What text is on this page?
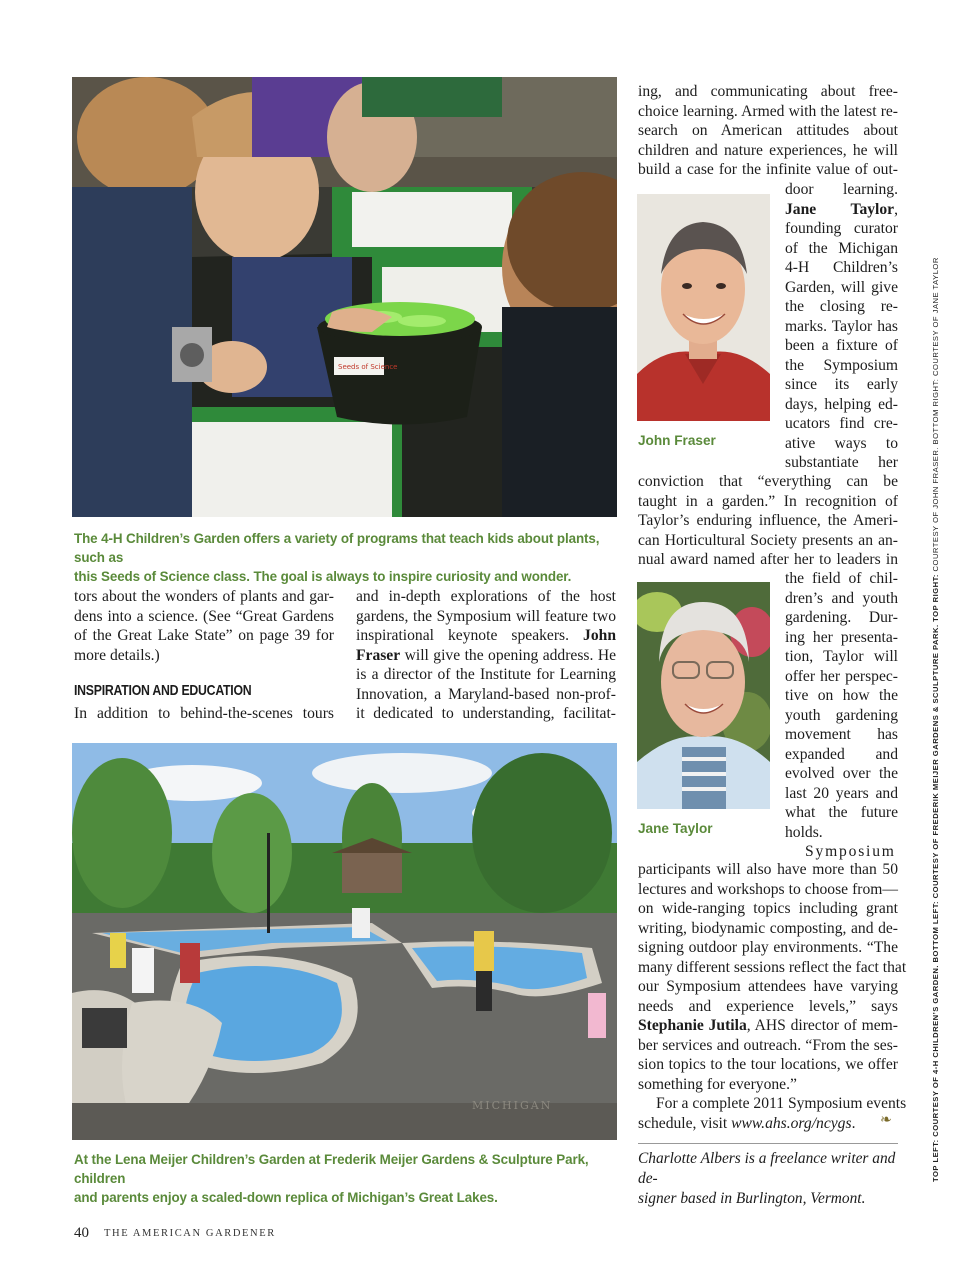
Seeds of Science
The 4-H Children’s Garden offers a variety of programs that teach kids about plants, such as
this Seeds of Science class. The goal is always to inspire curiosity and wonder.
tors about the wonders of plants and gar-
dens into a science. (See “Great Gardens
of the Great Lake State” on page 39 for
more details.)
INSPIRATION AND EDUCATION
In addition to behind-the-scenes tours
and in-depth explorations of the host
gardens, the Symposium will feature two
inspirational keynote speakers. John
Fraser will give the opening address. He
is a director of the Institute for Learning
Innovation, a Maryland-based non-prof-
it dedicated to understanding, facilitat-
MICHIGAN
At the Lena Meijer Children’s Garden at Frederik Meijer Gardens & Sculpture Park, children
and parents enjoy a scaled-down replica of Michigan’s Great Lakes.
ing, and communicating about free-
choice learning. Armed with the latest re-
search on American attitudes about
children and nature experiences, he will
build a case for the infinite value of out-
John Fraser
door learning.
Jane Taylor,
founding curator
of the Michigan
4-H Children’s
Garden, will give
the closing re-
marks. Taylor has
been a fixture of
the Symposium
since its early
days, helping ed-
ucators find cre-
ative ways to
substantiate her
conviction that “everything can be
taught in a garden.” In recognition of
Taylor’s enduring influence, the Ameri-
can Horticultural Society presents an an-
nual award named after her to leaders in
Jane Taylor
the field of chil-
dren’s and youth
gardening. Dur-
ing her presenta-
tion, Taylor will
offer her perspec-
tive on how the
youth gardening
movement has
expanded and
evolved over the
last 20 years and
what the future
holds.
Symposium
participants will also have more than 50
lectures and workshops to choose from—
on wide-ranging topics including grant
writing, biodynamic composting, and de-
signing outdoor play environments. “The
many different sessions reflect the fact that
our Symposium attendees have varying
needs and experience levels,” says
Stephanie Jutila, AHS director of mem-
ber services and outreach. “From the ses-
sion topics to the tour locations, we offer
something for everyone.”
For a complete 2011 Symposium events
schedule, visit www.ahs.org/ncygs.	❧
Charlotte Albers is a freelance writer and de-
signer based in Burlington, Vermont.
TOP LEFT: COURTESY OF 4-H CHILDREN’S GARDEN. BOTTOM LEFT: COURTESY OF FREDERIK MEIJER GARDENS & SCULPTURE PARK. TOP RIGHT: COURTESY OF JOHN FRASER. BOTTOM RIGHT: COURTESY OF JANE TAYLOR
40 THE AMERICAN GARDENER
